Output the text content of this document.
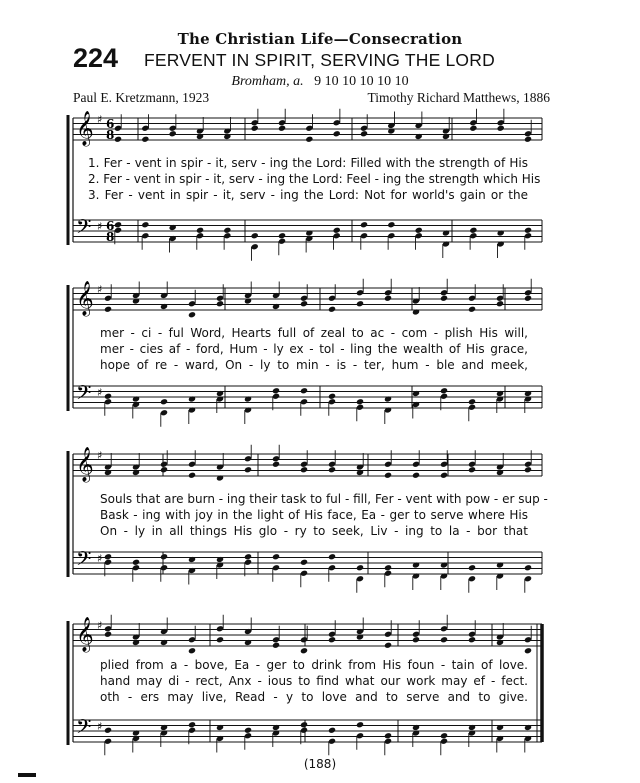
The Christian Life—Consecration
224 FERVENT IN SPIRIT, SERVING THE LORD
Bromham, a. 9 10 10 10 10 10
Paul E. Kretzmann, 1923	Timothy Richard Matthews, 1886
𝄞
𝄢
♯
♯
6
8
6
8
𝄞
𝄢
♯
♯
𝄞
𝄢
♯
♯
𝄞
𝄢
♯
♯
1. Fer - vent in spir - it, serv - ing the Lord: Filled with the strength of His
2. Fer - vent in spir - it, serv - ing the Lord: Feel - ing the strength which His
3. Fer - vent in spir - it, serv - ing the Lord: Not for world's gain or the
mer - ci - ful Word, Hearts full of zeal to ac - com - plish His will,
mer - cies af - ford, Hum - ly ex - tol - ling the wealth of His grace,
hope of re - ward, On - ly to min - is - ter, hum - ble and meek,
Souls that are burn - ing their task to ful - fill, Fer - vent with pow - er sup -
Bask - ing with joy in the light of His face, Ea - ger to serve where His
On - ly in all things His glo - ry to seek, Liv - ing to la - bor that
plied from a - bove, Ea - ger to drink from His foun - tain of love.
hand may di - rect, Anx - ious to find what our work may ef - fect.
oth - ers may live, Read - y to love and to serve and to give.
(188)
